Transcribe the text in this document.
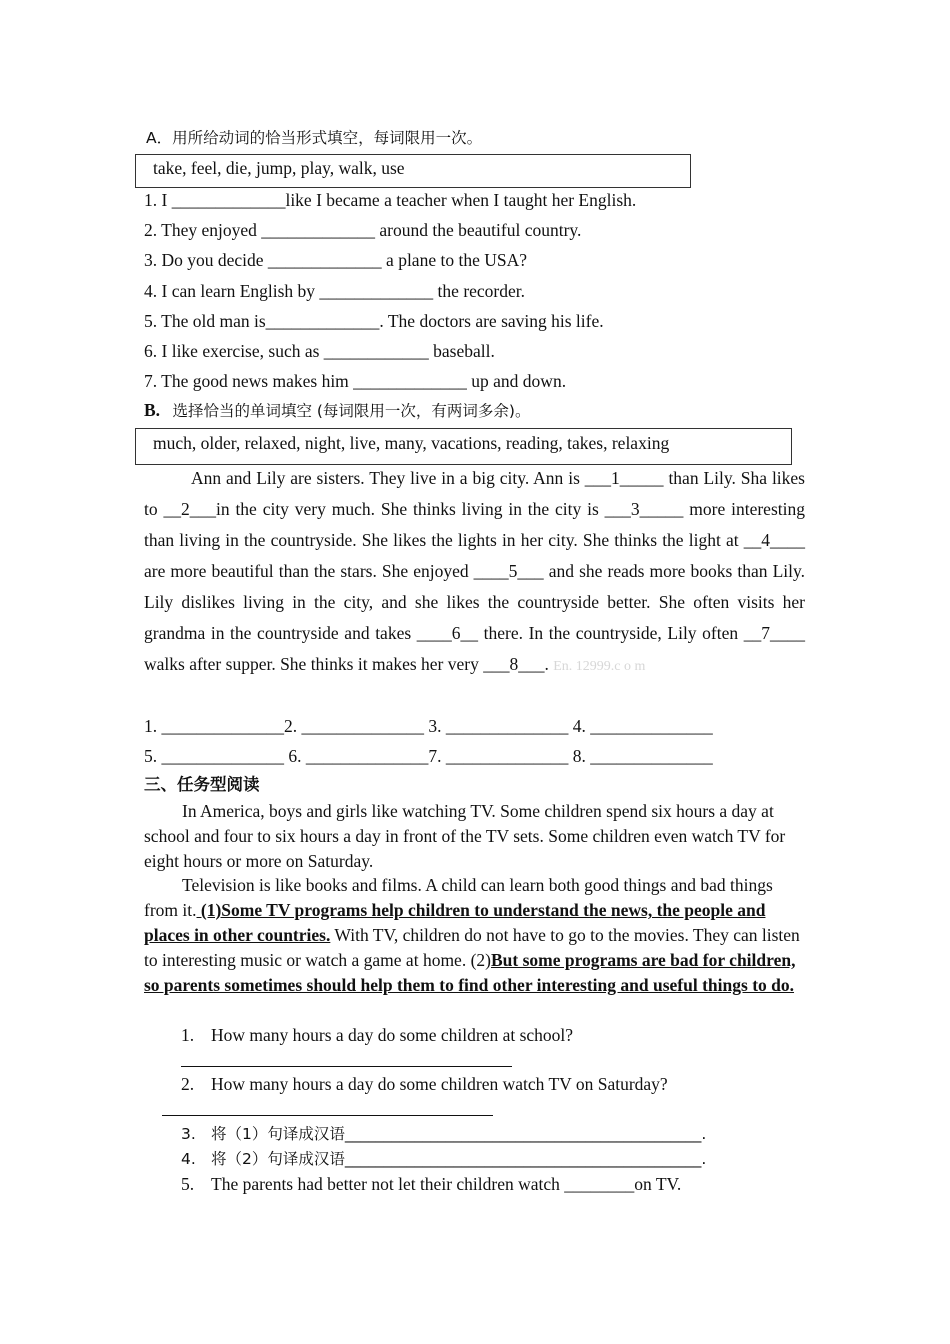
A．用所给动词的恰当形式填空，每词限用一次。
take, feel, die, jump, play, walk, use
1. I _____________like I became a teacher when I taught her English.
2. They enjoyed _____________ around the beautiful country.
3. Do you decide _____________ a plane to the USA?
4. I can learn English by _____________ the recorder.
5. The old man is_____________. The doctors are saving his life.
6. I like exercise, such as ____________ baseball.
7. The good news makes him _____________ up and down.
B. 选择恰当的单词填空 (每词限用一次，有两词多余)。
much, older, relaxed, night, live, many, vacations, reading, takes, relaxing
Ann and Lily are sisters. They live in a big city. Ann is ___1_____ than Lily. Sha likes to __2___in the city very much. She thinks living in the city is ___3_____ more interesting than living in the countryside. She likes the lights in her city. She thinks the light at __4____ are more beautiful than the stars. She enjoyed ____5___ and she reads more books than Lily. Lily dislikes living in the city, and she likes the countryside better. She often visits her grandma in the countryside and takes ____6__ there. In the countryside, Lily often __7____ walks after supper. She thinks it makes her very ___8___. En. 12999.c o m
1. ______________2. ______________ 3. ______________ 4. ______________
5. ______________ 6. ______________7. ______________ 8. ______________
三、任务型阅读
In America, boys and girls like watching TV. Some children spend six hours a day at school and four to six hours a day in front of the TV sets. Some children even watch TV for eight hours or more on Saturday.
Television is like books and films. A child can learn both good things and bad things from it. (1)Some TV programs help children to understand the news, the people and places in other countries. With TV, children do not have to go to the movies. They can listen to interesting music or watch a game at home. (2)But some programs are bad for children, so parents sometimes should help them to find other interesting and useful things to do.
1. How many hours a day do some children at school?
2. How many hours a day do some children watch TV on Saturday?
3. 将（1）句译成汉语______________________________________________.
4. 将（2）句译成汉语______________________________________________.
5. The parents had better not let their children watch ________on TV.
